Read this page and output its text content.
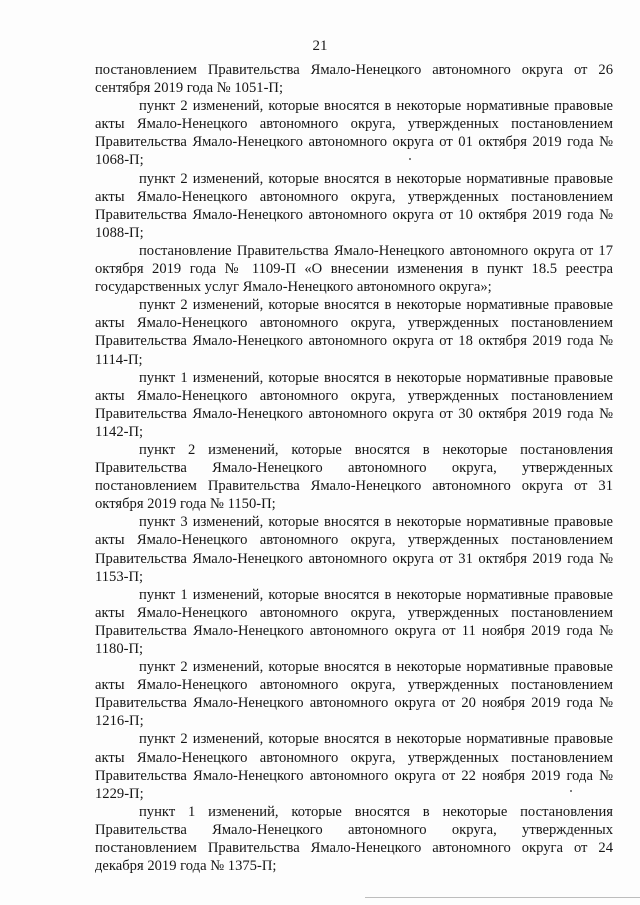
21

постановлением Правительства Ямало-Ненецкого автономного округа от 26 сентября 2019 года № 1051-П;

пункт 2 изменений, которые вносятся в некоторые нормативные правовые акты Ямало-Ненецкого автономного округа, утвержденных постановлением Правительства Ямало-Ненецкого автономного округа от 01 октября 2019 года № 1068-П;

пункт 2 изменений, которые вносятся в некоторые нормативные правовые акты Ямало-Ненецкого автономного округа, утвержденных постановлением Правительства Ямало-Ненецкого автономного округа от 10 октября 2019 года № 1088-П;

постановление Правительства Ямало-Ненецкого автономного округа от 17 октября 2019 года № 1109-П «О внесении изменения в пункт 18.5 реестра государственных услуг Ямало-Ненецкого автономного округа»;

пункт 2 изменений, которые вносятся в некоторые нормативные правовые акты Ямало-Ненецкого автономного округа, утвержденных постановлением Правительства Ямало-Ненецкого автономного округа от 18 октября 2019 года № 1114-П;

пункт 1 изменений, которые вносятся в некоторые нормативные правовые акты Ямало-Ненецкого автономного округа, утвержденных постановлением Правительства Ямало-Ненецкого автономного округа от 30 октября 2019 года № 1142-П;

пункт 2 изменений, которые вносятся в некоторые постановления Правительства Ямало-Ненецкого автономного округа, утвержденных постановлением Правительства Ямало-Ненецкого автономного округа от 31 октября 2019 года № 1150-П;

пункт 3 изменений, которые вносятся в некоторые нормативные правовые акты Ямало-Ненецкого автономного округа, утвержденных постановлением Правительства Ямало-Ненецкого автономного округа от 31 октября 2019 года № 1153-П;

пункт 1 изменений, которые вносятся в некоторые нормативные правовые акты Ямало-Ненецкого автономного округа, утвержденных постановлением Правительства Ямало-Ненецкого автономного округа от 11 ноября 2019 года № 1180-П;

пункт 2 изменений, которые вносятся в некоторые нормативные правовые акты Ямало-Ненецкого автономного округа, утвержденных постановлением Правительства Ямало-Ненецкого автономного округа от 20 ноября 2019 года № 1216-П;

пункт 2 изменений, которые вносятся в некоторые нормативные правовые акты Ямало-Ненецкого автономного округа, утвержденных постановлением Правительства Ямало-Ненецкого автономного округа от 22 ноября 2019 года № 1229-П;

пункт 1 изменений, которые вносятся в некоторые постановления Правительства Ямало-Ненецкого автономного округа, утвержденных постановлением Правительства Ямало-Ненецкого автономного округа от 24 декабря 2019 года № 1375-П;
